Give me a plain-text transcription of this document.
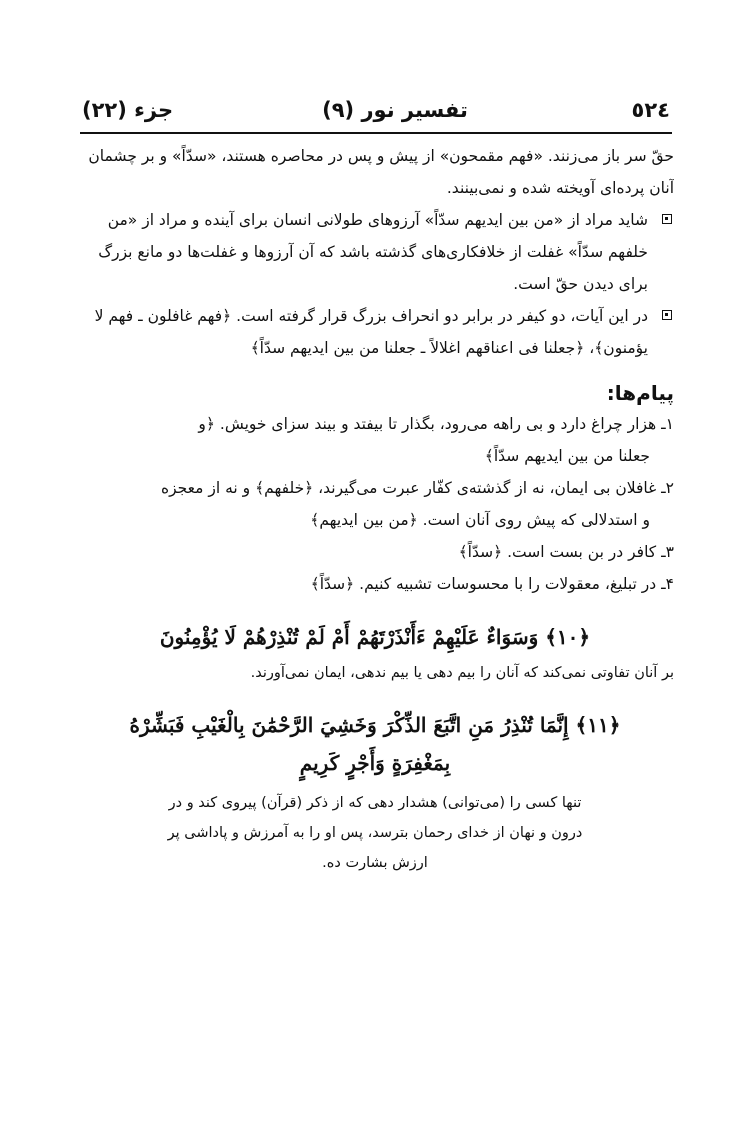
جزء (٢٢)	تفسیر نور (٩)	٥٢٤
حقّ سر باز می‌زنند. «فهم مقمحون» از پیش و پس در محاصره هستند، «سدّاً» و بر چشمان
آنان پرده‌ای آویخته شده و نمی‌بینند.
شاید مراد از «من بین ایدیهم سدّاً» آرزوهای طولانی انسان برای آینده و مراد از «من
خلفهم سدّاً» غفلت از خلافکاری‌های گذشته باشد که آن آرزوها و غفلت‌ها دو مانع بزرگ
برای دیدن حقّ است.
در این آیات، دو کیفر در برابر دو انحراف بزرگ قرار گرفته است. ﴿فهم غافلون ـ فهم لا
یؤمنون﴾، ﴿جعلنا فی اعناقهم اغلالاً ـ جعلنا من بین ایدیهم سدّاً﴾
پیام‌ها:
۱ـ هزار چراغ دارد و بی راهه می‌رود، بگذار تا بیفتد و بیند سزای خویش. ﴿و
جعلنا من بین ایدیهم سدّاً﴾
۲ـ غافلان بی ایمان، نه از گذشته‌ی کفّار عبرت می‌گیرند، ﴿خلفهم﴾ و نه از معجزه
و استدلالی که پیش روی آنان است. ﴿من بین ایدیهم﴾
۳ـ کافر در بن بست است. ﴿سدّاً﴾
۴ـ در تبلیغ، معقولات را با محسوسات تشبیه کنیم. ﴿سدّاً﴾
﴿١٠﴾ وَسَوَاءٌ عَلَيْهِمْ ءَأَنْذَرْتَهُمْ أَمْ لَمْ تُنْذِرْهُمْ لَا يُؤْمِنُونَ
بر آنان تفاوتی نمی‌کند که آنان را بیم دهی یا بیم ندهی، ایمان نمی‌آورند.
﴿١١﴾ إِنَّمَا تُنْذِرُ مَنِ اتَّبَعَ الذِّكْرَ وَخَشِيَ الرَّحْمَٰنَ بِالْغَيْبِ فَبَشِّرْهُ
بِمَغْفِرَةٍ وَأَجْرٍ كَرِيمٍ
تنها کسی را (می‌توانی) هشدار دهی که از ذکر (قرآن) پیروی کند و در
درون و نهان از خدای رحمان بترسد، پس او را به آمرزش و پاداشی پر
ارزش بشارت ده.
